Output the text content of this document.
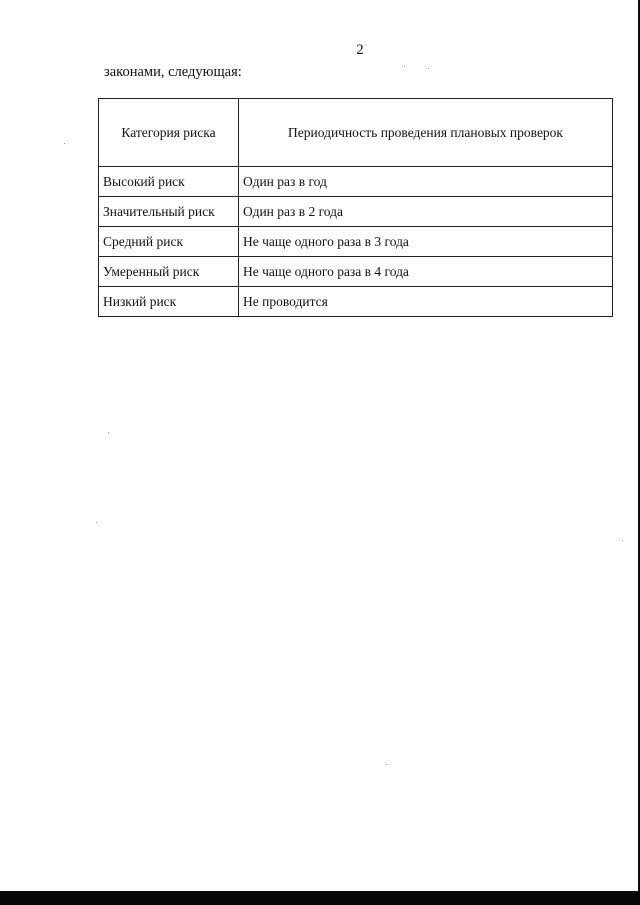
2
законами, следующая:
Категория риска	Периодичность проведения плановых проверок
Высокий риск	Один раз в год
Значительный риск	Один раз в 2 года
Средний риск	Не чаще одного раза в 3 года
Умеренный риск	Не чаще одного раза в 4 года
Низкий риск	Не проводится
